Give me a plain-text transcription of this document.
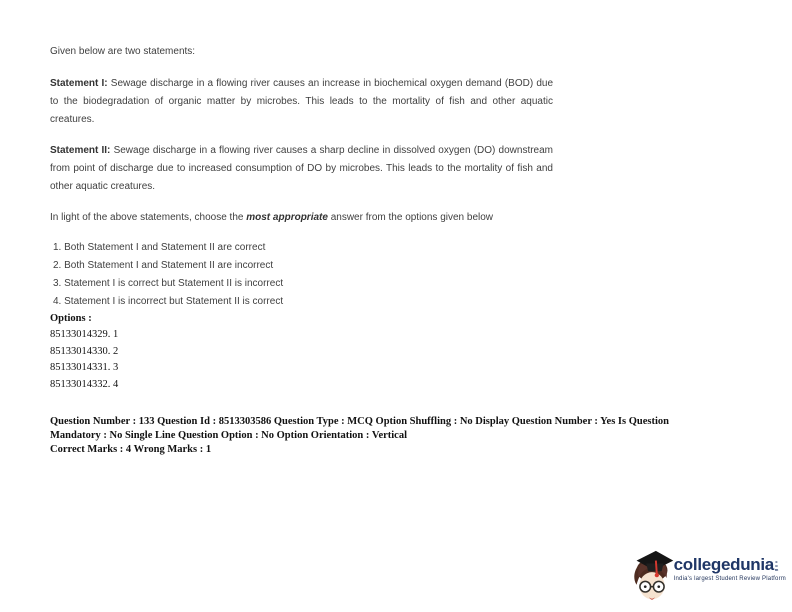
Given below are two statements:

Statement I: Sewage discharge in a flowing river causes an increase in biochemical oxygen demand (BOD) due to the biodegradation of organic matter by microbes. This leads to the mortality of fish and other aquatic creatures.

Statement II: Sewage discharge in a flowing river causes a sharp decline in dissolved oxygen (DO) downstream from point of discharge due to increased consumption of DO by microbes. This leads to the mortality of fish and other aquatic creatures.

In light of the above statements, choose the most appropriate answer from the options given below

1. Both Statement I and Statement II are correct
2. Both Statement I and Statement II are incorrect
3. Statement I is correct but Statement II is incorrect
4. Statement I is incorrect but Statement II is correct

Options :

85133014329. 1

85133014330. 2

85133014331. 3

85133014332. 4

Question Number : 133 Question Id : 8513303586 Question Type : MCQ Option Shuffling : No Display Question Number : Yes Is Question Mandatory : No Single Line Question Option : No Option Orientation : Vertical

Correct Marks : 4 Wrong Marks : 1

collegedunia com
India's largest Student Review Platform
